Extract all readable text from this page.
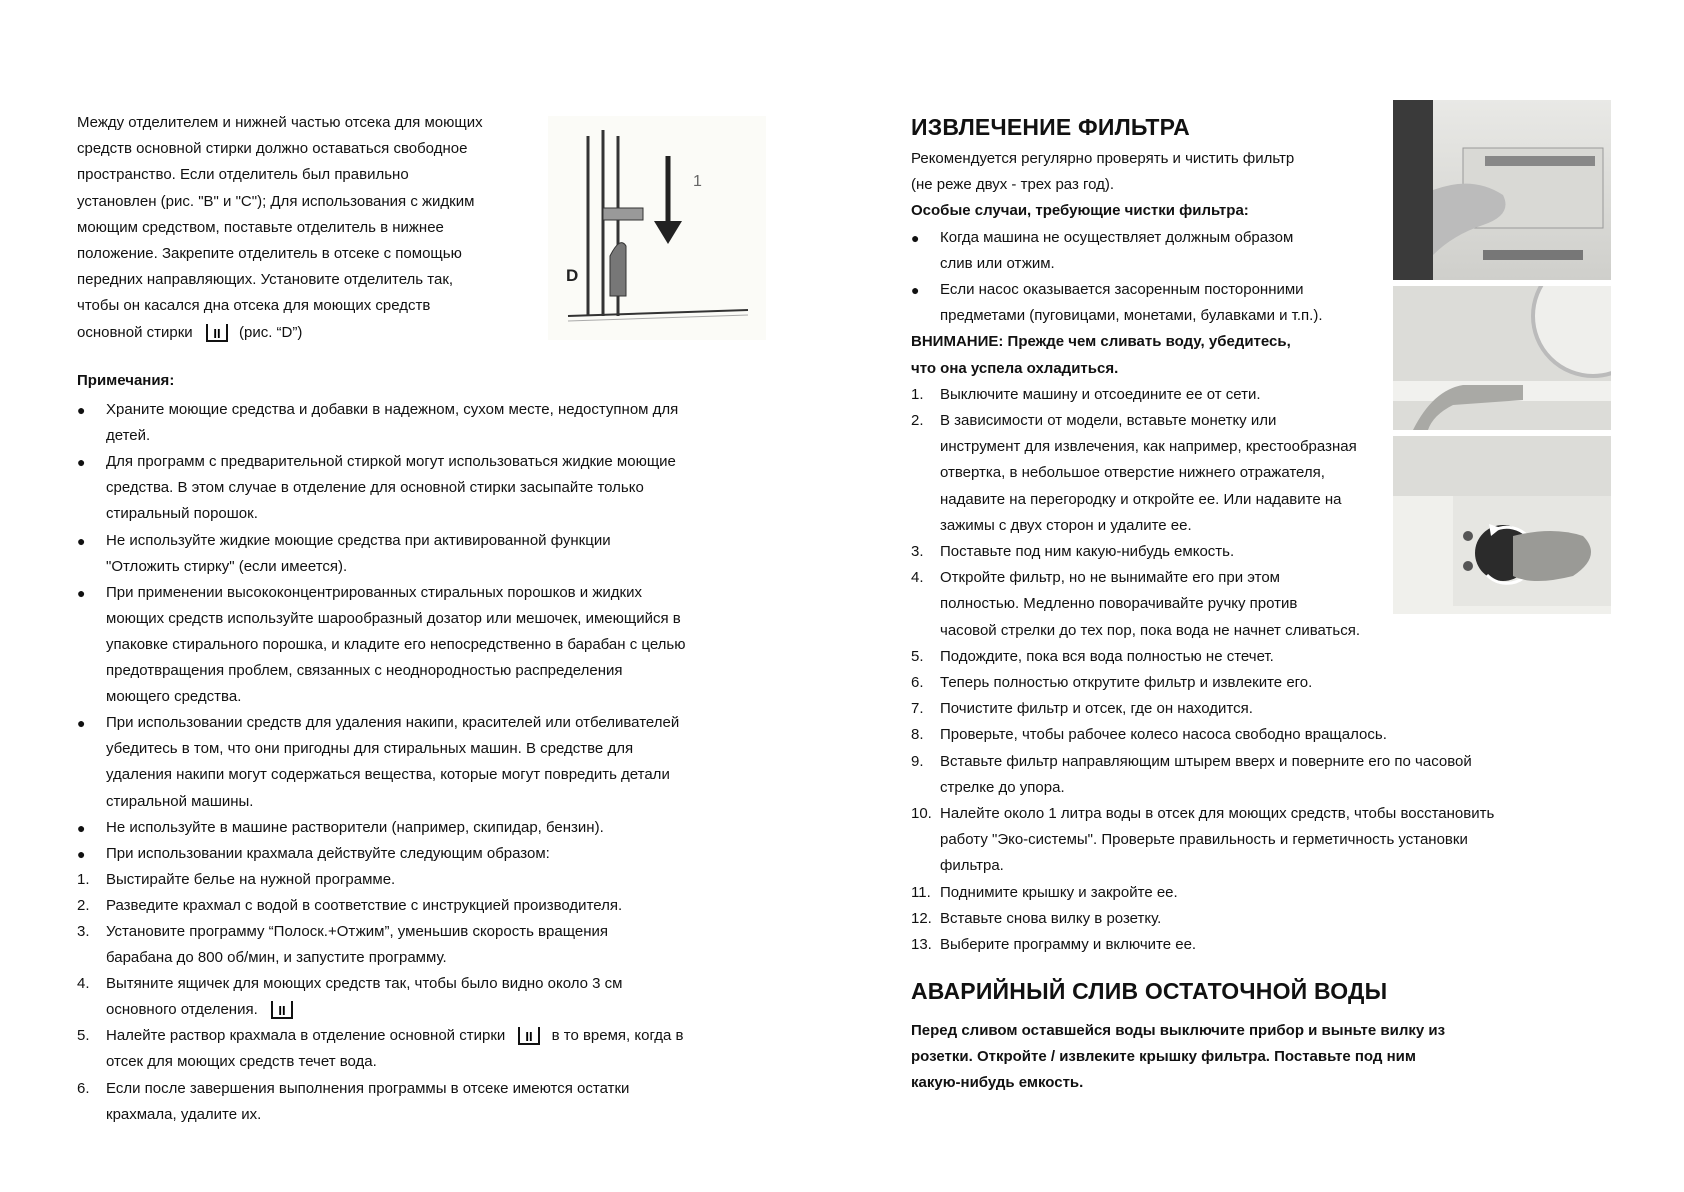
Между отделителем и нижней частью отсека для моющих
средств основной стирки должно оставаться свободное
пространство. Если отделитель был правильно
установлен (рис. "B" и "C"); Для использования с жидким
моющим средством, поставьте отделитель в нижнее
положение. Закрепите отделитель в отсеке с помощью
передних направляющих. Установите отделитель так,
чтобы он касался дна отсека для моющих средств
основной стирки II (рис. “D”)
1
D
Примечания:
●	Храните моющие средства и добавки в надежном, сухом месте, недоступном для
детей.
●	Для программ с предварительной стиркой могут использоваться жидкие моющие
средства. В этом случае в отделение для основной стирки засыпайте только
стиральный порошок.
●	Не используйте жидкие моющие средства при активированной функции
"Отложить стирку" (если имеется).
●	При применении высококонцентрированных стиральных порошков и жидких
моющих средств используйте шарообразный дозатор или мешочек, имеющийся в
упаковке стирального порошка, и кладите его непосредственно в барабан с целью
предотвращения проблем, связанных с неоднородностью распределения
моющего средства.
●	При использовании средств для удаления накипи, красителей или отбеливателей
убедитесь в том, что они пригодны для стиральных машин. В средстве для
удаления накипи могут содержаться вещества, которые могут повредить детали
стиральной машины.
●	Не используйте в машине растворители (например, скипидар, бензин).
●	При использовании крахмала действуйте следующим образом:
1.	Выстирайте белье на нужной программе.
2.	Разведите крахмал с водой в соответствие с инструкцией производителя.
3.	Установите программу “Полоск.+Отжим”, уменьшив скорость вращения
барабана до 800 об/мин, и запустите программу.
4.	Вытяните ящичек для моющих средств так, чтобы было видно около 3 см
основного отделения. II
5.	Налейте раствор крахмала в отделение основной стирки II в то время, когда в
отсек для моющих средств течет вода.
6.	Если после завершения выполнения программы в отсеке имеются остатки
крахмала, удалите их.
ИЗВЛЕЧЕНИЕ ФИЛЬТРА
Рекомендуется регулярно проверять и чистить фильтр
(не реже двух - трех раз год).
Особые случаи, требующие чистки фильтра:
●	Когда машина не осуществляет должным образом
слив или отжим.
●	Если насос оказывается засоренным посторонними
предметами (пуговицами, монетами, булавками и т.п.).
ВНИМАНИЕ: Прежде чем сливать воду, убедитесь,
что она успела охладиться.
1.	Выключите машину и отсоедините ее от сети.
2.	В зависимости от модели, вставьте монетку или
инструмент для извлечения, как например, крестообразная
отвертка, в небольшое отверстие нижнего отражателя,
надавите на перегородку и откройте ее. Или надавите на
зажимы с двух сторон и удалите ее.
3.	Поставьте под ним какую-нибудь емкость.
4.	Откройте фильтр, но не вынимайте его при этом
полностью. Медленно поворачивайте ручку против
часовой стрелки до тех пор, пока вода не начнет сливаться.
5.	Подождите, пока вся вода полностью не стечет.
6.	Теперь полностью открутите фильтр и извлеките его.
7.	Почистите фильтр и отсек, где он находится.
8.	Проверьте, чтобы рабочее колесо насоса свободно вращалось.
9.	Вставьте фильтр направляющим штырем вверх и поверните его по часовой
стрелке до упора.
10. Налейте около 1 литра воды в отсек для моющих средств, чтобы восстановить
работу "Эко-системы". Проверьте правильность и герметичность установки
фильтра.
11. Поднимите крышку и закройте ее.
12. Вставьте снова вилку в розетку.
13. Выберите программу и включите ее.
АВАРИЙНЫЙ СЛИВ ОСТАТОЧНОЙ ВОДЫ

Перед сливом оставшейся воды выключите прибор и выньте вилку из

розетки. Откройте / извлеките крышку фильтра. Поставьте под ним

какую-нибудь емкость.
